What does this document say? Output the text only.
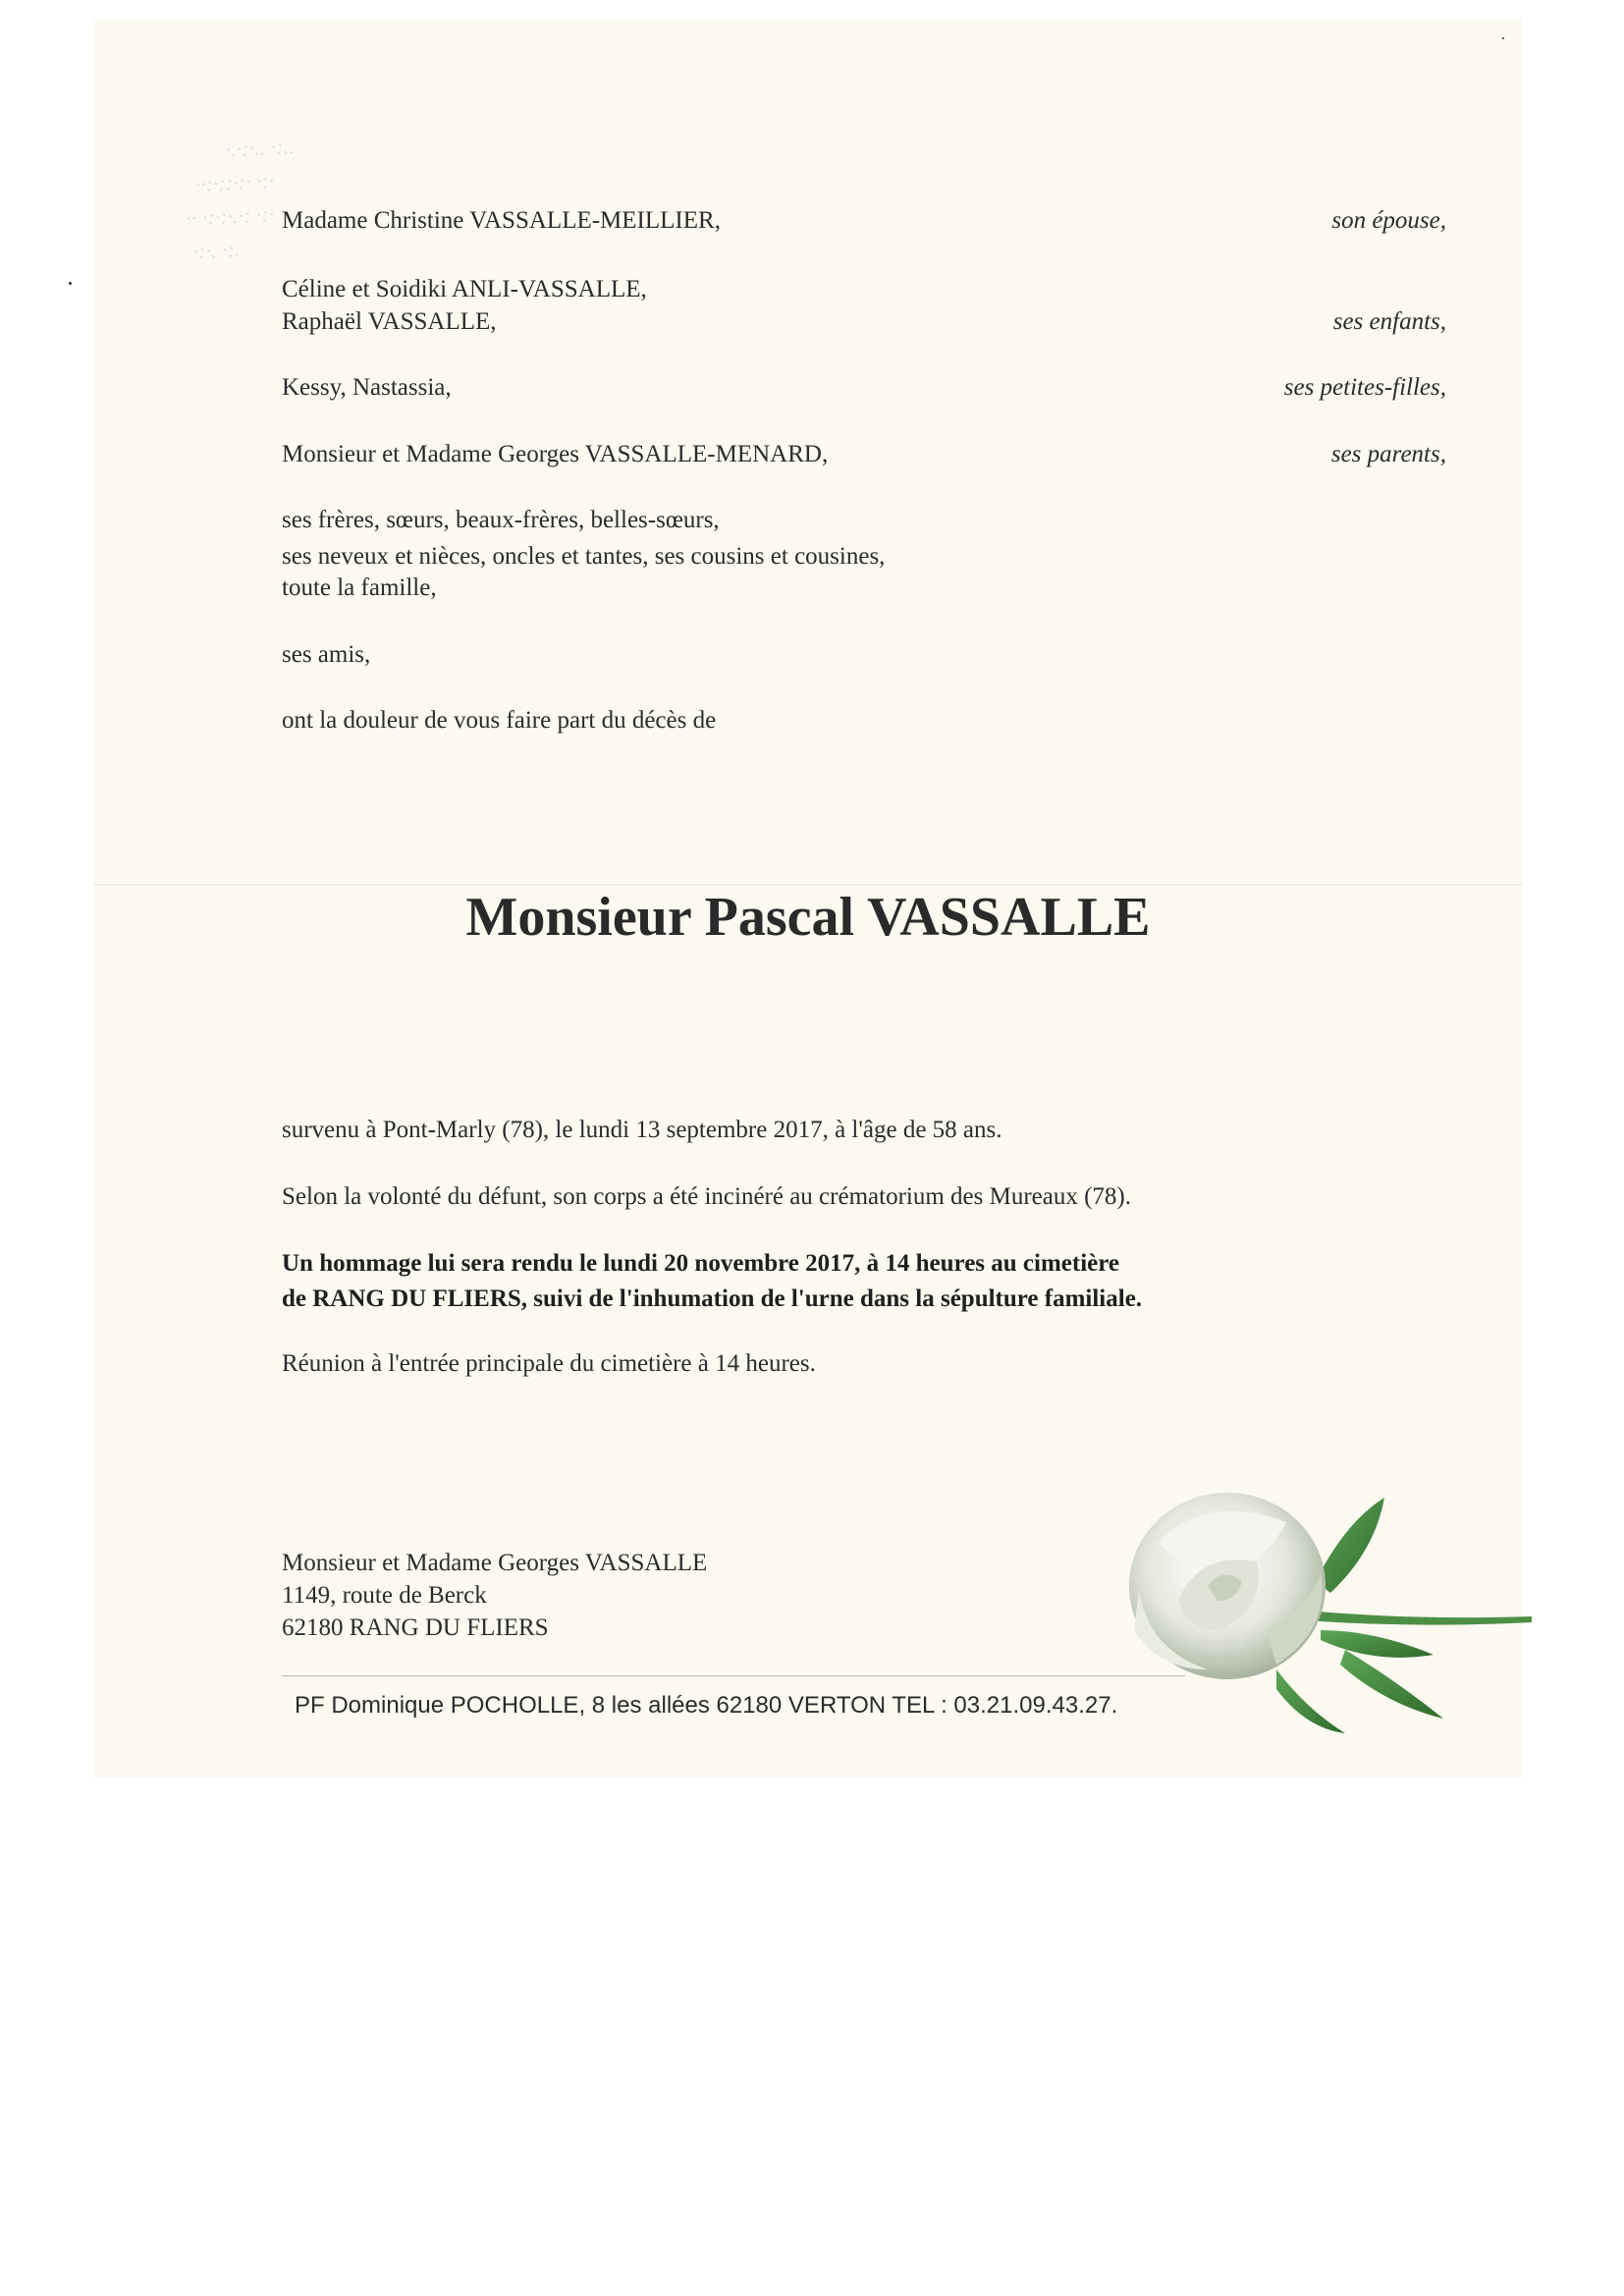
·.·:·.. ·:..
··:·::·:· ·:·
·· ·:·:·.·: ·:·
·:·. ·:.
Madame Christine VASSALLE-MEILLIER,	son épouse,
Céline et Soidiki ANLI-VASSALLE,
Raphaël VASSALLE,	ses enfants,
Kessy, Nastassia,	ses petites-filles,
Monsieur et Madame Georges VASSALLE-MENARD,	ses parents,
ses frères, sœurs, beaux-frères, belles-sœurs,
ses neveux et nièces, oncles et tantes, ses cousins et cousines,
toute la famille,
ses amis,
ont la douleur de vous faire part du décès de
Monsieur Pascal VASSALLE
survenu à Pont-Marly (78), le lundi 13 septembre 2017, à l'âge de 58 ans.
Selon la volonté du défunt, son corps a été incinéré au crématorium des Mureaux (78).
Un hommage lui sera rendu le lundi 20 novembre 2017, à 14 heures au cimetière
de RANG DU FLIERS, suivi de l'inhumation de l'urne dans la sépulture familiale.
Réunion à l'entrée principale du cimetière à 14 heures.
Monsieur et Madame Georges VASSALLE
1149, route de Berck
62180 RANG DU FLIERS
PF Dominique POCHOLLE, 8 les allées 62180 VERTON TEL : 03.21.09.43.27.
